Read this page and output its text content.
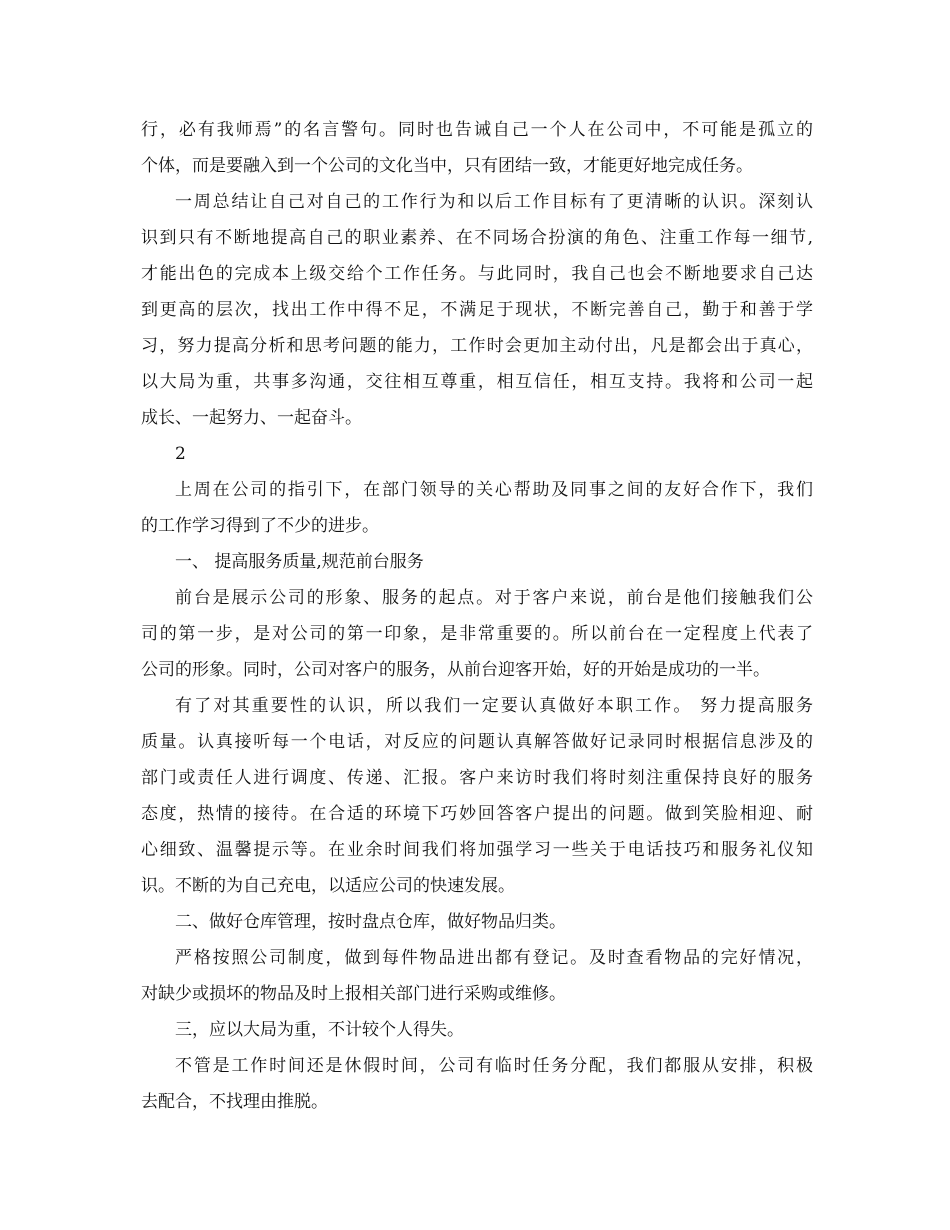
行，必有我师焉”的名言警句。同时也告诫自己一个人在公司中，不可能是孤立的
个体，而是要融入到一个公司的文化当中，只有团结一致，才能更好地完成任务。
一周总结让自己对自己的工作行为和以后工作目标有了更清晰的认识。深刻认
识到只有不断地提高自己的职业素养、在不同场合扮演的角色、注重工作每一细节,
才能出色的完成本上级交给个工作任务。与此同时，我自己也会不断地要求自己达
到更高的层次，找出工作中得不足，不满足于现状，不断完善自己，勤于和善于学
习，努力提高分析和思考问题的能力，工作时会更加主动付出，凡是都会出于真心，
以大局为重，共事多沟通，交往相互尊重，相互信任，相互支持。我将和公司一起
成长、一起努力、一起奋斗。
2
上周在公司的指引下，在部门领导的关心帮助及同事之间的友好合作下，我们
的工作学习得到了不少的进步。
一、 提高服务质量,规范前台服务
前台是展示公司的形象、服务的起点。对于客户来说，前台是他们接触我们公
司的第一步，是对公司的第一印象，是非常重要的。所以前台在一定程度上代表了
公司的形象。同时，公司对客户的服务，从前台迎客开始，好的开始是成功的一半。
有了对其重要性的认识，所以我们一定要认真做好本职工作。 努力提高服务
质量。认真接听每一个电话，对反应的问题认真解答做好记录同时根据信息涉及的
部门或责任人进行调度、传递、汇报。客户来访时我们将时刻注重保持良好的服务
态度，热情的接待。在合适的环境下巧妙回答客户提出的问题。做到笑脸相迎、耐
心细致、温馨提示等。在业余时间我们将加强学习一些关于电话技巧和服务礼仪知
识。不断的为自己充电，以适应公司的快速发展。
二、做好仓库管理，按时盘点仓库，做好物品归类。
严格按照公司制度，做到每件物品进出都有登记。及时查看物品的完好情况，
对缺少或损坏的物品及时上报相关部门进行采购或维修。
三，应以大局为重，不计较个人得失。
不管是工作时间还是休假时间，公司有临时任务分配，我们都服从安排，积极
去配合，不找理由推脱。
